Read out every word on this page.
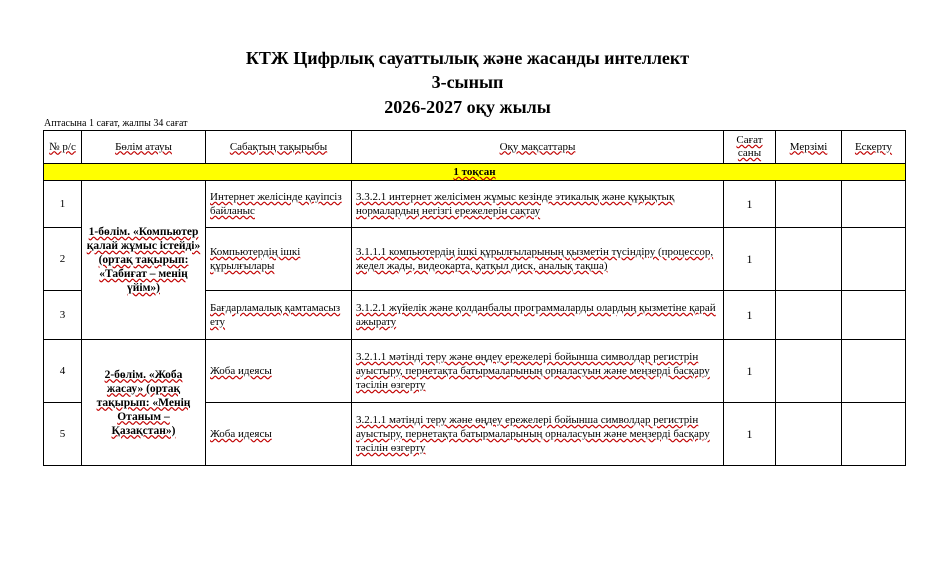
КТЖ Цифрлық сауаттылық және жасанды интеллект
3-сынып
2026-2027 оқу жылы
Аптасына 1 сағат, жалпы 34 сағат
№ р/с	Бөлім атауы	Сабақтың тақырыбы	Оқу мақсаттары	Сағат саны	Мерзімі	Ескерту
1 тоқсан						
1	1-бөлім. «Компьютер қалай жұмыс істейді» (ортақ тақырып: «Табиғат – менің үйім»)	Интернет желісінде қауіпсіз байланыс	3.3.2.1 интернет желісімен жұмыс кезінде этикалық және құқықтық нормалардың негізгі ережелерін сақтау	1		
2		Компьютердің ішкі құрылғылары	3.1.1.1 компьютердің ішкі құрылғыларының қызметін түсіндіру (процессор, жедел жады, видеокарта, қатқыл диск, аналық тақша)	1		
3		Бағдарламалық қамтамасыз ету	3.1.2.1 жүйелік және қолданбалы программаларды олардың қызметіне қарай ажырату	1		
4	2-бөлім. «Жоба жасау» (ортақ тақырып: «Менің Отаным – Қазақстан»)	Жоба идеясы	3.2.1.1 мәтінді теру және өңдеу ережелері бойынша символдар регистрін ауыстыру, пернетақта батырмаларының орналасуын және меңзерді басқару тәсілін өзгерту	1		
5		Жоба идеясы	3.2.1.1 мәтінді теру және өңдеу ережелері бойынша символдар регистрін ауыстыру, пернетақта батырмаларының орналасуын және меңзерді басқару тәсілін өзгерту	1		
